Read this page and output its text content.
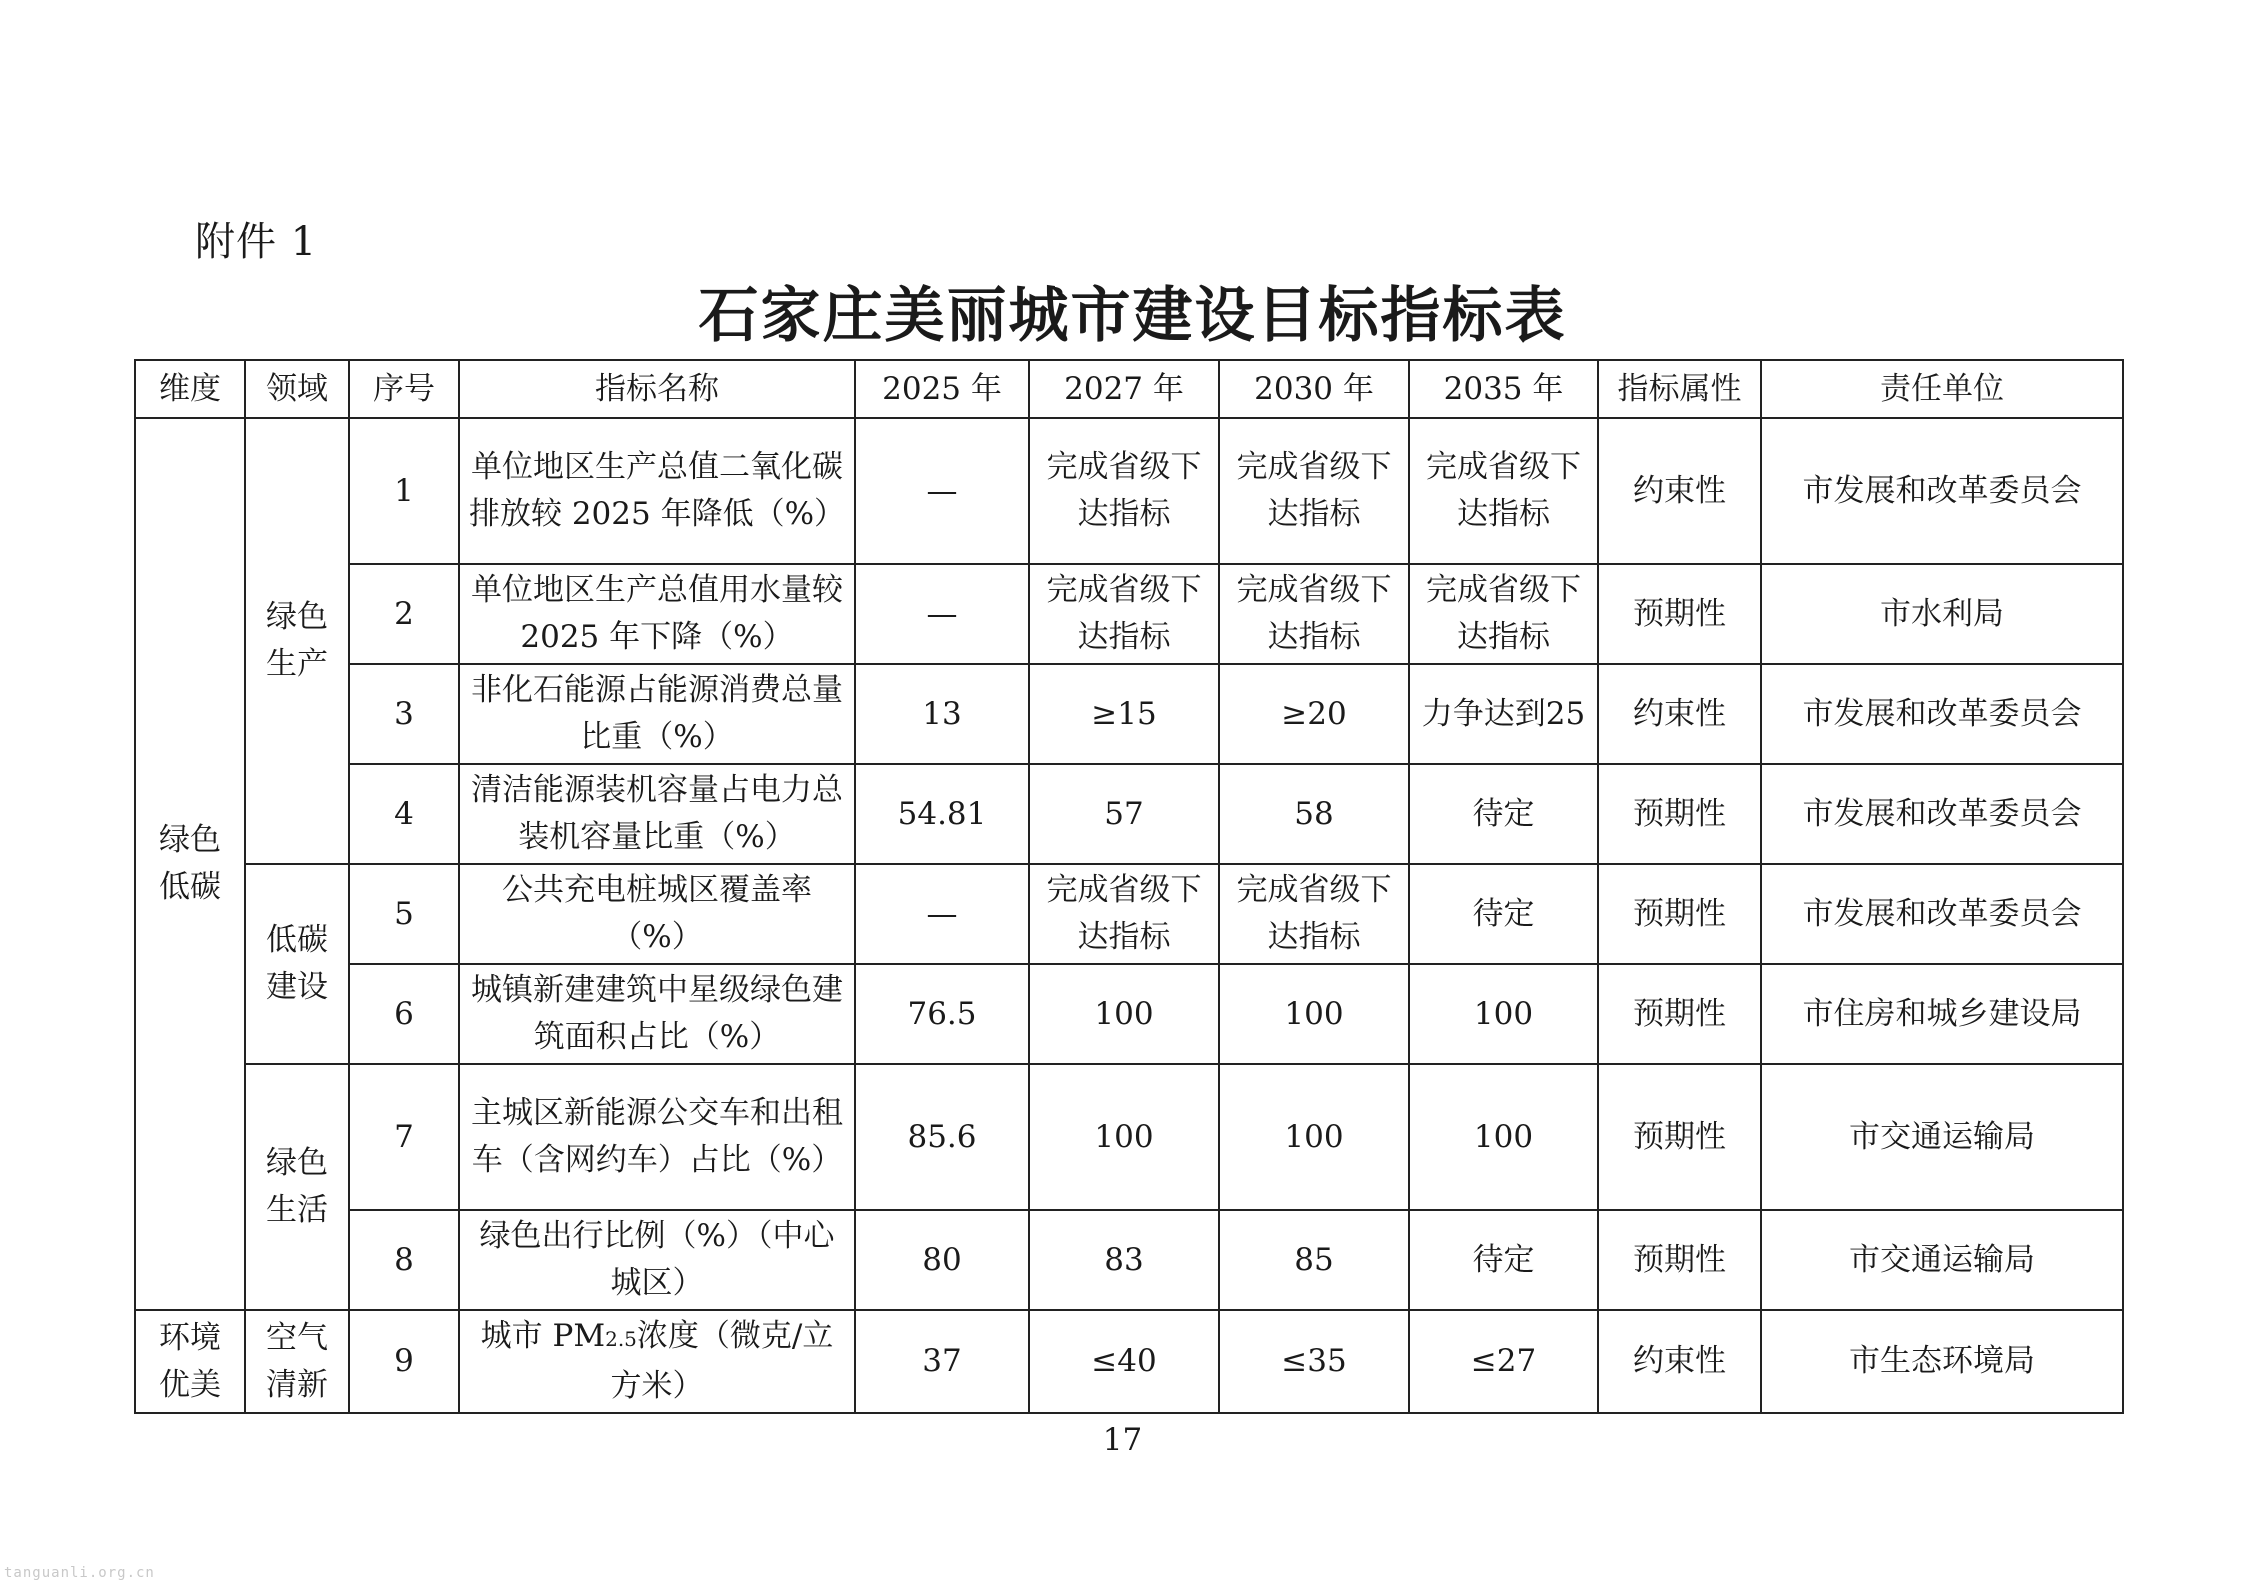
附件 1
石家庄美丽城市建设目标指标表
维度	领域	序号	指标名称	2025 年	2027 年	2030 年	2035 年	指标属性	责任单位

绿色低碳	绿色生产	1	单位地区生产总值二氧化碳排放较 2025 年降低（%）	—	完成省级下达指标	完成省级下达指标	完成省级下达指标	约束性	市发展和改革委员会
		2	单位地区生产总值用水量较 2025 年下降（%）	—	完成省级下达指标	完成省级下达指标	完成省级下达指标	预期性	市水利局
		3	非化石能源占能源消费总量比重（%）	13	≥15	≥20	力争达到25	约束性	市发展和改革委员会
		4	清洁能源装机容量占电力总装机容量比重（%）	54.81	57	58	待定	预期性	市发展和改革委员会

	低碳建设	5	公共充电桩城区覆盖率（%）	—	完成省级下达指标	完成省级下达指标	待定	预期性	市发展和改革委员会
		6	城镇新建建筑中星级绿色建筑面积占比（%）	76.5	100	100	100	预期性	市住房和城乡建设局

	绿色生活	7	主城区新能源公交车和出租车（含网约车）占比（%）	85.6	100	100	100	预期性	市交通运输局
		8	绿色出行比例（%）（中心城区）	80	83	85	待定	预期性	市交通运输局

环境优美	空气清新	9	城市 PM2.5浓度（微克/立方米）	37	≤40	≤35	≤27	约束性	市生态环境局
17
tanguanli.org.cn
